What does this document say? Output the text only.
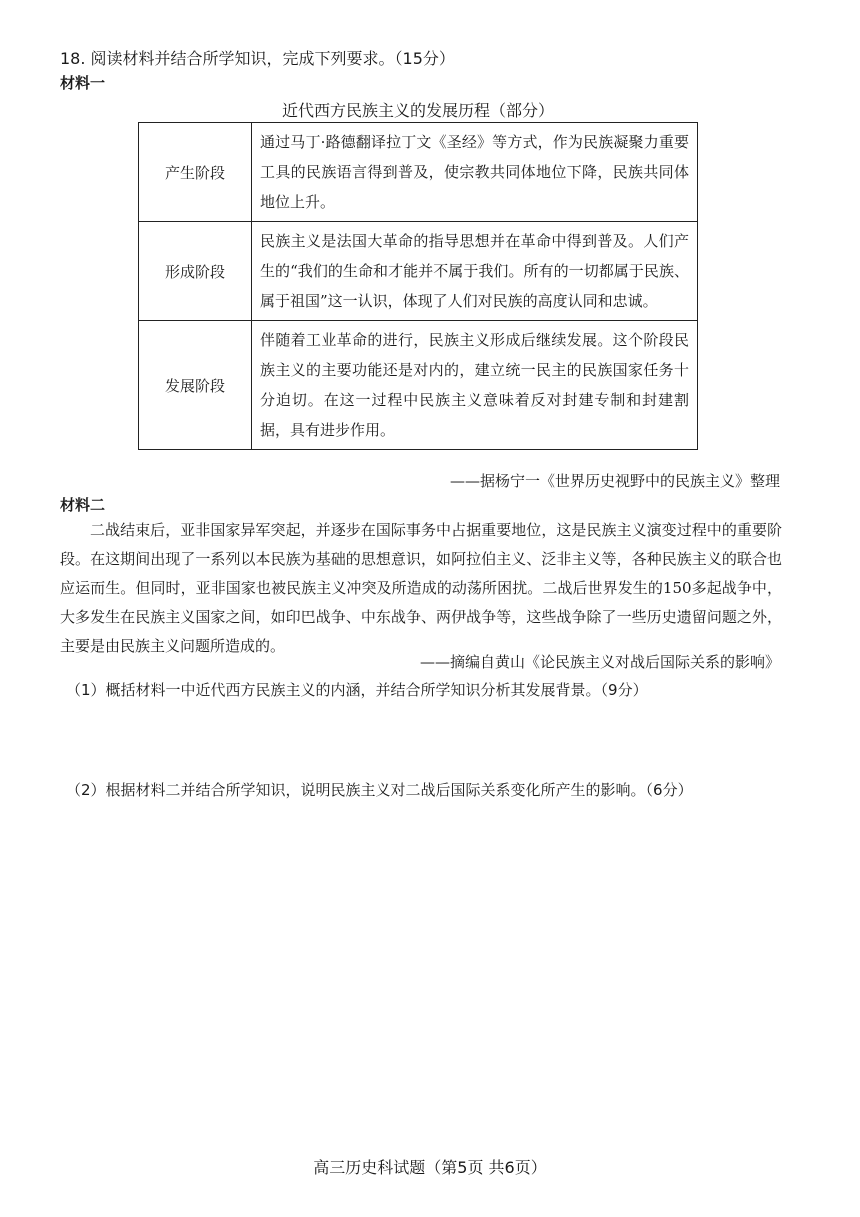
18. 阅读材料并结合所学知识，完成下列要求。（15分）
材料一
近代西方民族主义的发展历程（部分）
产生阶段	通过马丁·路德翻译拉丁文《圣经》等方式，作为民族凝聚力重要工具的民族语言得到普及，使宗教共同体地位下降，民族共同体地位上升。
形成阶段	民族主义是法国大革命的指导思想并在革命中得到普及。人们产生的“我们的生命和才能并不属于我们。所有的一切都属于民族、属于祖国”这一认识，体现了人们对民族的高度认同和忠诚。
发展阶段	伴随着工业革命的进行，民族主义形成后继续发展。这个阶段民族主义的主要功能还是对内的，建立统一民主的民族国家任务十分迫切。在这一过程中民族主义意味着反对封建专制和封建割据，具有进步作用。
——据杨宁一《世界历史视野中的民族主义》整理
材料二
二战结束后，亚非国家异军突起，并逐步在国际事务中占据重要地位，这是民族主义演变过程中的重要阶段。在这期间出现了一系列以本民族为基础的思想意识，如阿拉伯主义、泛非主义等，各种民族主义的联合也应运而生。但同时，亚非国家也被民族主义冲突及所造成的动荡所困扰。二战后世界发生的150多起战争中，大多发生在民族主义国家之间，如印巴战争、中东战争、两伊战争等，这些战争除了一些历史遗留问题之外，主要是由民族主义问题所造成的。
——摘编自黄山《论民族主义对战后国际关系的影响》
（1）概括材料一中近代西方民族主义的内涵，并结合所学知识分析其发展背景。（9分）
（2）根据材料二并结合所学知识，说明民族主义对二战后国际关系变化所产生的影响。（6分）
高三历史科试题（第5页 共6页）
